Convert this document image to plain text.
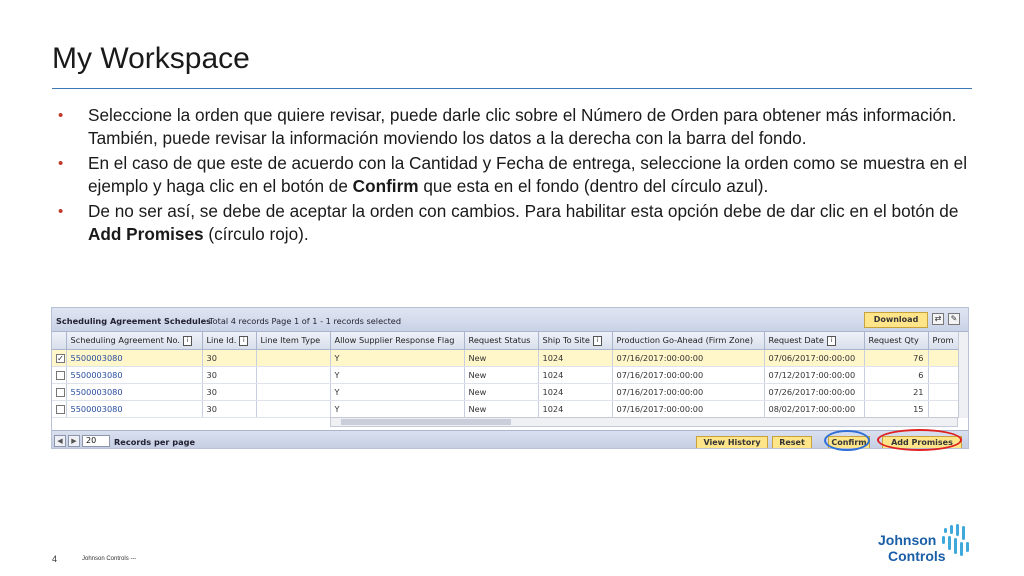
My Workspace
• Seleccione la orden que quiere revisar, puede darle clic sobre el Número de Orden para obtener más información. También, puede revisar la información moviendo los datos a la derecha con la barra del fondo.
• En el caso de que este de acuerdo con la Cantidad y Fecha de entrega, seleccione la orden como se muestra en el ejemplo y haga clic en el botón de Confirm que esta en el fondo (dentro del círculo azul).
• De no ser así, se debe de aceptar la orden con cambios. Para habilitar esta opción debe de dar clic en el botón de Add Promises (círculo rojo).
Scheduling Agreement Schedules
Total 4 records Page 1 of 1 - 1 records selected	Download	⇄	✎
	Scheduling Agreement No. i	Line Id. i	Line Item Type	Allow Supplier Response Flag	Request Status	Ship To Site i	Production Go-Ahead (Firm Zone)	Request Date i	Request Qty	Prom
✓	5500003080	30		Y	New	1024	07/16/2017:00:00:00	07/06/2017:00:00:00	76	
	5500003080	30		Y	New	1024	07/16/2017:00:00:00	07/12/2017:00:00:00	6	
	5500003080	30		Y	New	1024	07/16/2017:00:00:00	07/26/2017:00:00:00	21	
	5500003080	30		Y	New	1024	07/16/2017:00:00:00	08/02/2017:00:00:00	15	
◀	▶	20	Records per page	View History	Reset	Confirm	Add Promises
4	Johnson Controls ---
Johnson
Controls
